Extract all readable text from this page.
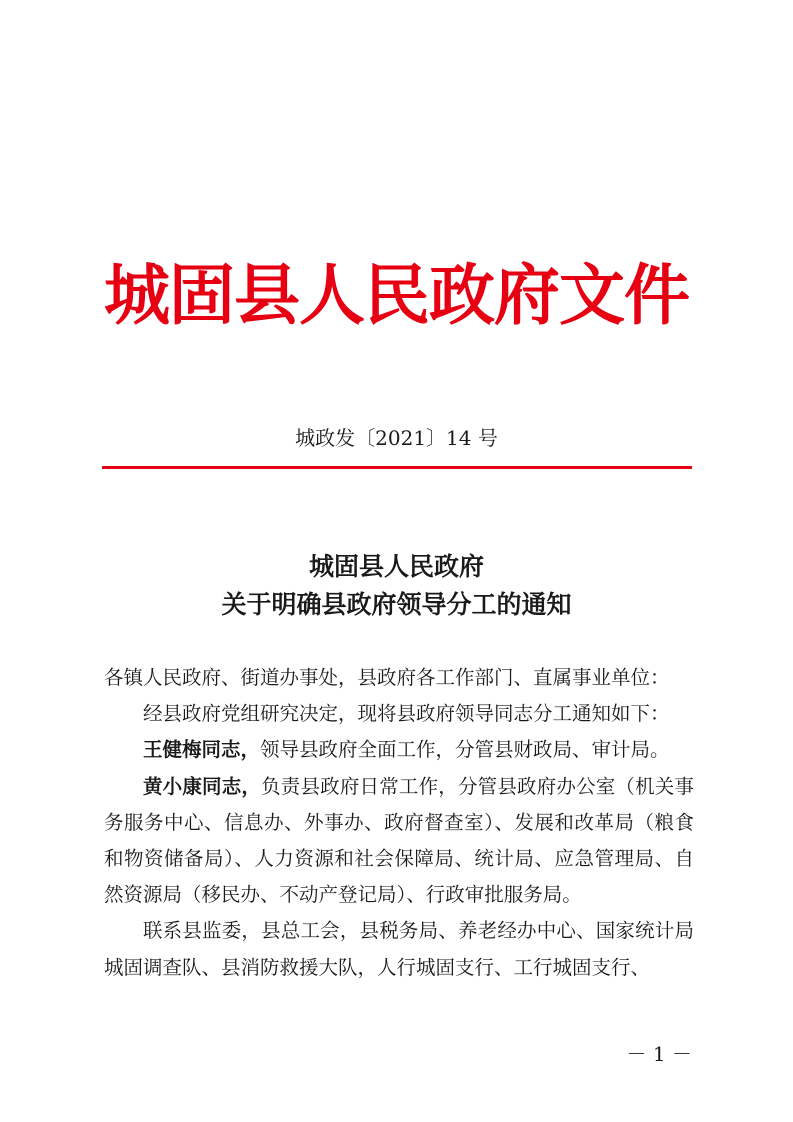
城固县人民政府文件
城政发〔2021〕14 号
城固县人民政府
关于明确县政府领导分工的通知

各镇人民政府、街道办事处，县政府各工作部门、直属事业单位：

经县政府党组研究决定，现将县政府领导同志分工通知如下：

王健梅同志，领导县政府全面工作，分管县财政局、审计局。

黄小康同志，负责县政府日常工作，分管县政府办公室（机关事务服务中心、信息办、外事办、政府督查室）、发展和改革局（粮食和物资储备局）、人力资源和社会保障局、统计局、应急管理局、自然资源局（移民办、不动产登记局）、行政审批服务局。

联系县监委，县总工会，县税务局、养老经办中心、国家统计局城固调查队、县消防救援大队，人行城固支行、工行城固支行、

－ 1 －
